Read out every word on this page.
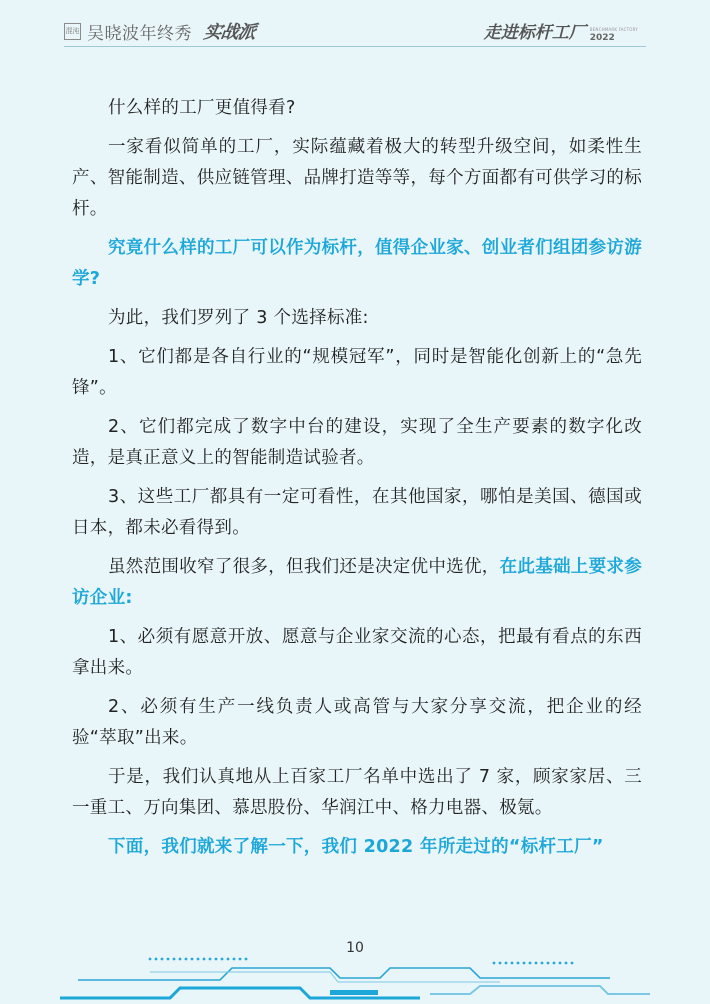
混沌 吴晓波年终秀 实战派	走进标杆工厂 BENCHMARK FACTORY
2022

什么样的工厂更值得看?

一家看似简单的工厂，实际蕴藏着极大的转型升级空间，如柔性生产、智能制造、供应链管理、品牌打造等等，每个方面都有可供学习的标杆。

究竟什么样的工厂可以作为标杆，值得企业家、创业者们组团参访游学?

为此，我们罗列了 3 个选择标准:

1、它们都是各自行业的“规模冠军”，同时是智能化创新上的“急先锋”。

2、它们都完成了数字中台的建设，实现了全生产要素的数字化改造，是真正意义上的智能制造试验者。

3、这些工厂都具有一定可看性，在其他国家，哪怕是美国、德国或日本，都未必看得到。

虽然范围收窄了很多，但我们还是决定优中选优，在此基础上要求参访企业:

1、必须有愿意开放、愿意与企业家交流的心态，把最有看点的东西拿出来。

2、必须有生产一线负责人或高管与大家分享交流，把企业的经验“萃取”出来。

于是，我们认真地从上百家工厂名单中选出了 7 家，顾家家居、三一重工、万向集团、慕思股份、华润江中、格力电器、极氪。

下面，我们就来了解一下，我们 2022 年所走过的“标杆工厂”

10
